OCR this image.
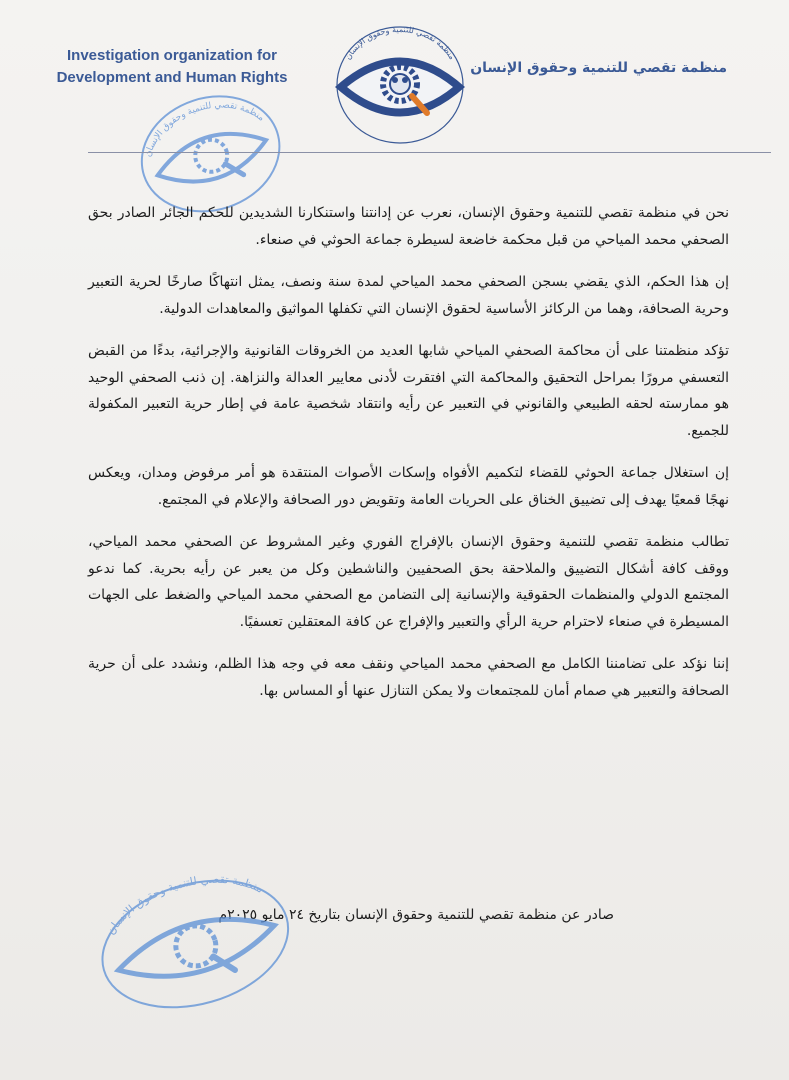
Investigation organization for
Development and Human Rights
منظمة تقصي للتنمية وحقوق الإنسان
منظمة تقصي للتنمية وحقوق الإنسان
منظمة تقصي للتنمية وحقوق الإنسان

نحن في منظمة تقصي للتنمية وحقوق الإنسان، نعرب عن إدانتنا واستنكارنا الشديدين للحكم الجائر الصادر بحق الصحفي محمد المياحي من قبل محكمة خاضعة لسيطرة جماعة الحوثي في صنعاء.

إن هذا الحكم، الذي يقضي بسجن الصحفي محمد المياحي لمدة سنة ونصف، يمثل انتهاكًا صارخًا لحرية التعبير وحرية الصحافة، وهما من الركائز الأساسية لحقوق الإنسان التي تكفلها المواثيق والمعاهدات الدولية.

تؤكد منظمتنا على أن محاكمة الصحفي المياحي شابها العديد من الخروقات القانونية والإجرائية، بدءًا من القبض التعسفي مرورًا بمراحل التحقيق والمحاكمة التي افتقرت لأدنى معايير العدالة والنزاهة. إن ذنب الصحفي الوحيد هو ممارسته لحقه الطبيعي والقانوني في التعبير عن رأيه وانتقاد شخصية عامة في إطار حرية التعبير المكفولة للجميع.

إن استغلال جماعة الحوثي للقضاء لتكميم الأفواه وإسكات الأصوات المنتقدة هو أمر مرفوض ومدان، ويعكس نهجًا قمعيًا يهدف إلى تضييق الخناق على الحريات العامة وتقويض دور الصحافة والإعلام في المجتمع.

تطالب منظمة تقصي للتنمية وحقوق الإنسان بالإفراج الفوري وغير المشروط عن الصحفي محمد المياحي، ووقف كافة أشكال التضييق والملاحقة بحق الصحفيين والناشطين وكل من يعبر عن رأيه بحرية. كما ندعو المجتمع الدولي والمنظمات الحقوقية والإنسانية إلى التضامن مع الصحفي محمد المياحي والضغط على الجهات المسيطرة في صنعاء لاحترام حرية الرأي والتعبير والإفراج عن كافة المعتقلين تعسفيًا.

إننا نؤكد على تضامننا الكامل مع الصحفي محمد المياحي ونقف معه في وجه هذا الظلم، ونشدد على أن حرية الصحافة والتعبير هي صمام أمان للمجتمعات ولا يمكن التنازل عنها أو المساس بها.

صادر عن منظمة تقصي للتنمية وحقوق الإنسان بتاريخ ٢٤ مايو ٢٠٢٥م
منظمة تقصي للتنمية وحقوق الإنسان
